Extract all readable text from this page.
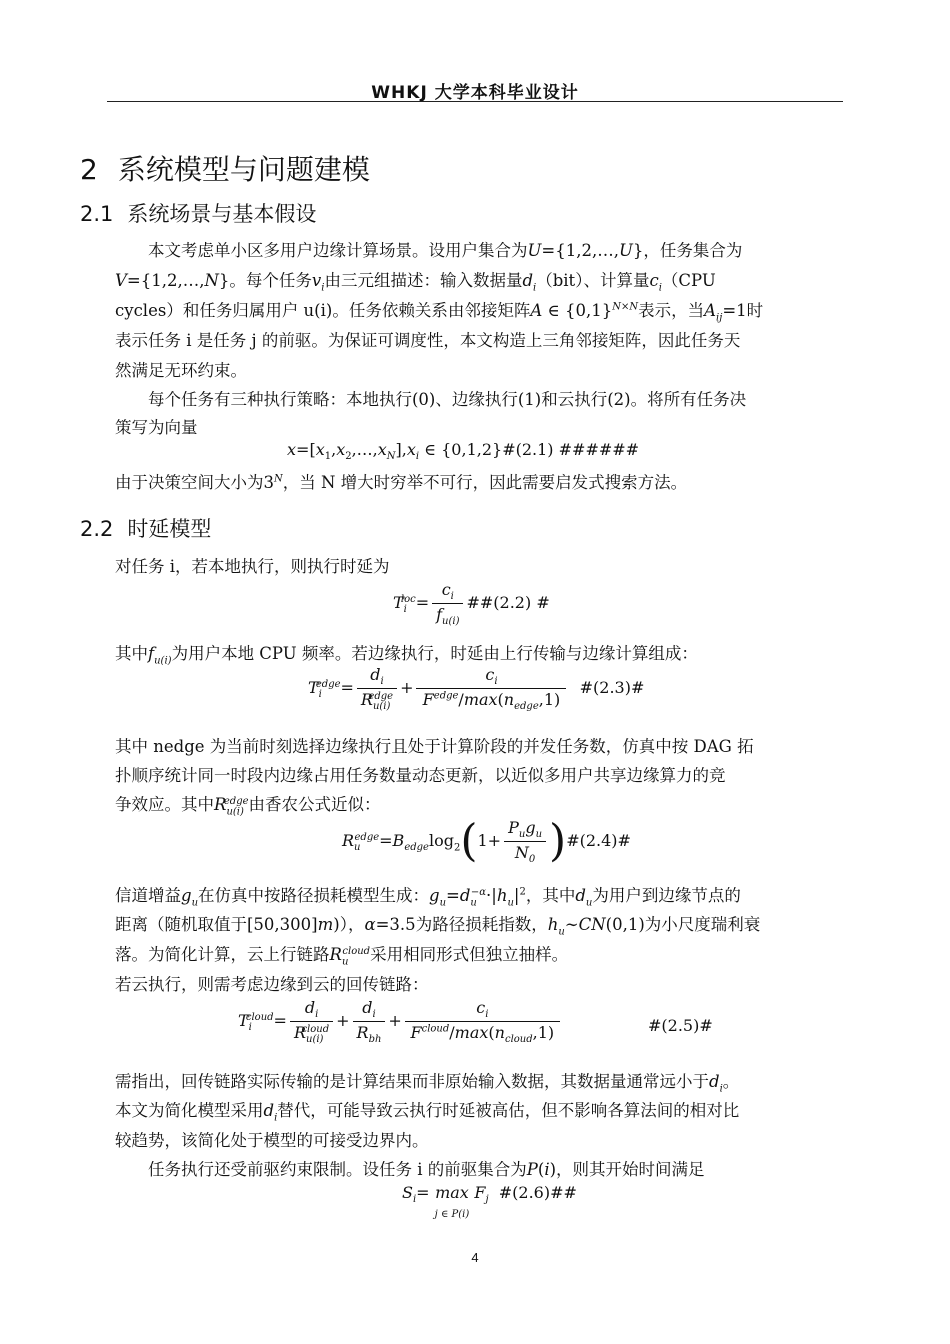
WHKJ 大学本科毕业设计
2 系统模型与问题建模
2.1 系统场景与基本假设
本文考虑单小区多用户边缘计算场景。设用户集合为U={1,2,…,U}，任务集合为
V={1,2,…,N}。每个任务$v_i$由三元组描述：输入数据量$d_i(bit)$、计算量$c_i(CPU$
cycles）和任务归属用户 u(i)。任务依赖关系由邻接矩阵A ∈ $\{0,1\}^{N\times N}$表示，当$A_{ij}=1$时
表示任务 i 是任务 j 的前驱。为保证可调度性，本文构造上三角邻接矩阵，因此任务天
然满足无环约束。
每个任务有三种执行策略：本地执行(0)、边缘执行(1)和云执行(2)。将所有任务决
策写为向量
$x=[x_1,x_2,\dots,x_N],x_i$ ∈ {0,1,2}#(2.1) ######
由于决策空间大小为$3^N$，当 N 增大时穷举不可行，因此需要启发式搜索方法。
2.2 时延模型
对任务 i，若本地执行，则执行时延为
$T_i^{loc}= \frac{c_i}{f_{u(i)}}$ ##(2.2) #
其中$f_{u(i)}$为用户本地 CPU 频率。若边缘执行，时延由上行传输与边缘计算组成：
$T_i^{edge}= \frac{d_i}{R_{u(i)}^{edge}} + \frac{c_i}{F^{edge}/\max(n_{edge},1)}$ #(2.3)#
其中 nedge 为当前时刻选择边缘执行且处于计算阶段的并发任务数，仿真中按 DAG 拓
扑顺序统计同一时段内边缘占用任务数量动态更新，以近似多用户共享边缘算力的竞
争效应。其中$R_{u(i)}^{edge}$由香农公式近似：
$R_u^{edge}=B_{edge}\log_2(1+ \frac{P_ug_u}{N_0}$ )#(2.4)#
信道增益$g_u$在仿真中按路径损耗模型生成：$g_u=d_u^{-\alpha}\cdot|h_u|^2$，其中$d_u$为用户到边缘节点的
距离（随机取值于[50,300]m)），α=3.5为路径损耗指数，$h_u\sim CN(0,1)$为小尺度瑞利衰
落。为简化计算，云上行链路$R_u^{cloud}$采用相同形式但独立抽样。
若云执行，则需考虑边缘到云的回传链路：
$T_i^{cloud}= \frac{d_i}{R_{u(i)}^{cloud}} + \frac{d_i}{R_{bh}} + \frac{c_i}{F^{cloud}/\max(n_{cloud},1)}$	#(2.5)#
需指出，回传链路实际传输的是计算结果而非原始输入数据，其数据量通常远小于$d_i$。
本文为简化模型采用$d_i$替代，可能导致云执行时延被高估，但不影响各算法间的相对比
较趋势，该简化处于模型的可接受边界内。
任务执行还受前驱约束限制。设任务 i 的前驱集合为P(i)，则其开始时间满足
$S_i= \max$
j ∈ P(i) $F_j$ #(2.6)##
4
